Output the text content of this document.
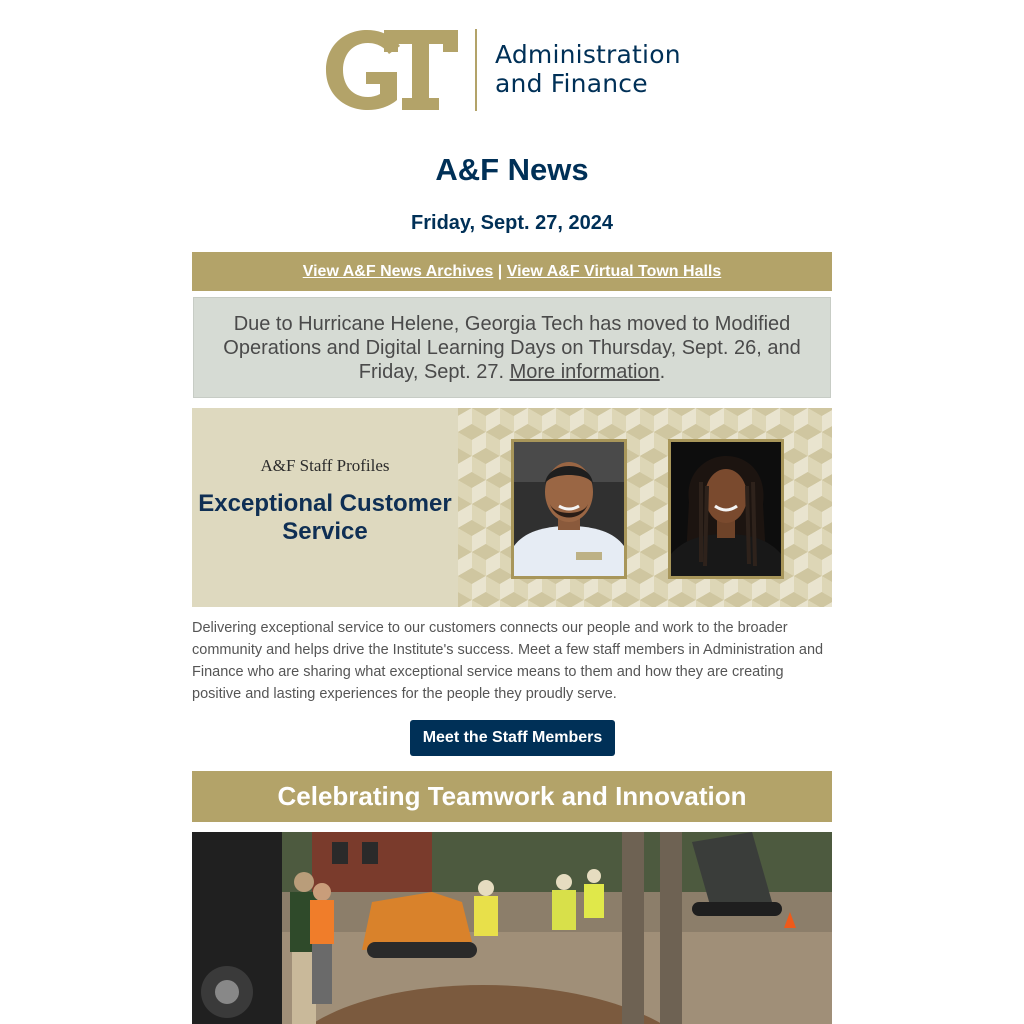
Administration
and Finance
A&F News
Friday, Sept. 27, 2024
View A&F News Archives | View A&F Virtual Town Halls
Due to Hurricane Helene, Georgia Tech has moved to Modified Operations and Digital Learning Days on Thursday, Sept. 26, and Friday, Sept. 27. More information.
A&F Staff Profiles
Exceptional Customer Service
Delivering exceptional service to our customers connects our people and work to the broader community and helps drive the Institute's success. Meet a few staff members in Administration and Finance who are sharing what exceptional service means to them and how they are creating positive and lasting experiences for the people they proudly serve.
Meet the Staff Members
Celebrating Teamwork and Innovation
